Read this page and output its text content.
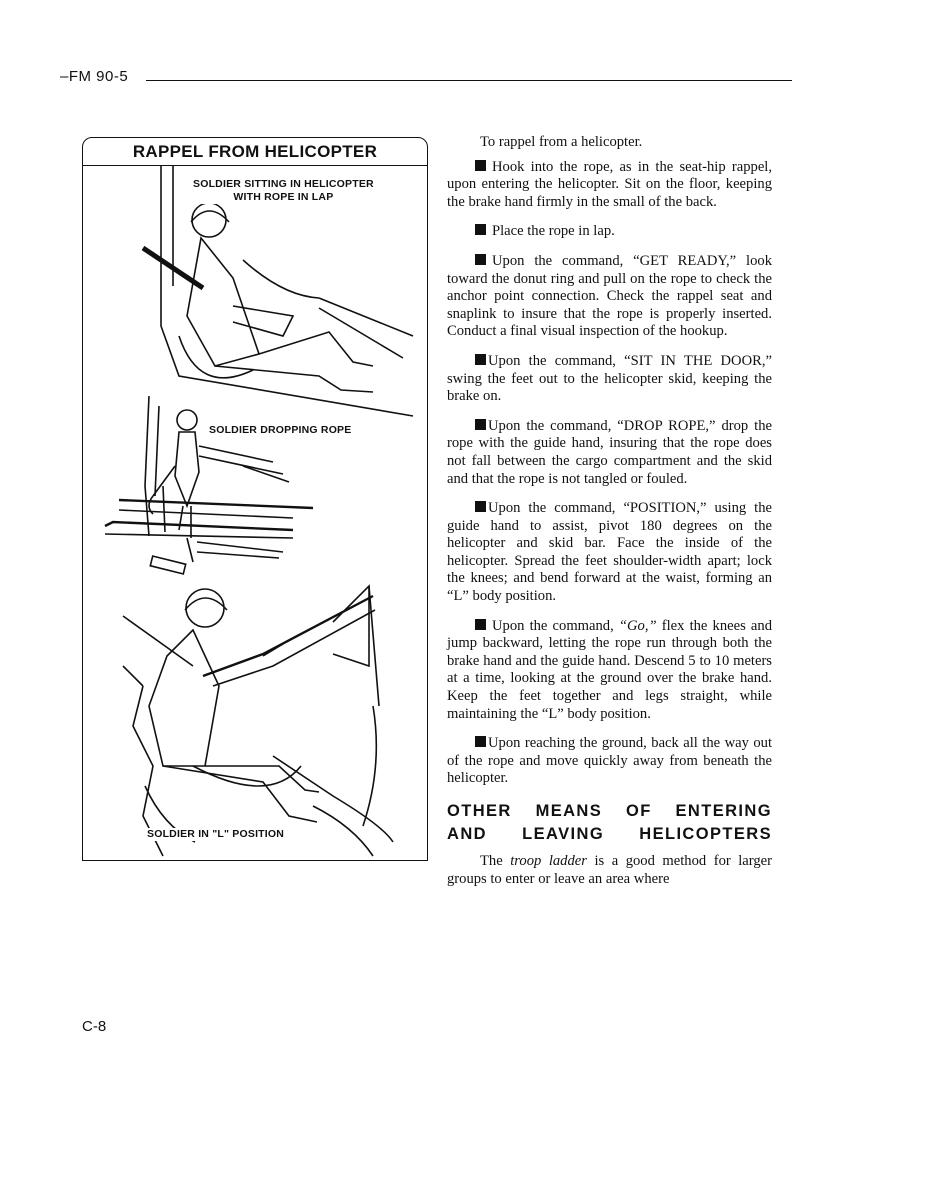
–FM 90-5
RAPPEL FROM HELICOPTER
SOLDIER SITTING IN HELICOPTER
WITH ROPE IN LAP
SOLDIER DROPPING ROPE
SOLDIER IN "L" POSITION

To rappel from a helicopter.

Hook into the rope, as in the seat-hip rappel, upon entering the helicopter. Sit on the floor, keeping the brake hand firmly in the small of the back.

Place the rope in lap.

Upon the command, “GET READY,” look toward the donut ring and pull on the rope to check the anchor point connection. Check the rappel seat and snaplink to insure that the rope is properly inserted. Conduct a final visual inspection of the hookup.

Upon the command, “SIT IN THE DOOR,” swing the feet out to the helicopter skid, keeping the brake on.

Upon the command, “DROP ROPE,” drop the rope with the guide hand, insuring that the rope does not fall between the cargo compartment and the skid and that the rope is not tangled or fouled.

Upon the command, “POSITION,” using the guide hand to assist, pivot 180 degrees on the helicopter and skid bar. Face the inside of the helicopter. Spread the feet shoulder-width apart; lock the knees; and bend forward at the waist, forming an “L” body position.

Upon the command, “Go,” flex the knees and jump backward, letting the rope run through both the brake hand and the guide hand. Descend 5 to 10 meters at a time, looking at the ground over the brake hand. Keep the feet together and legs straight, while maintaining the “L” body position.

Upon reaching the ground, back all the way out of the rope and move quickly away from beneath the helicopter.

OTHER MEANS OF ENTERING
AND LEAVING HELICOPTERS

The troop ladder is a good method for larger groups to enter or leave an area where

C-8
